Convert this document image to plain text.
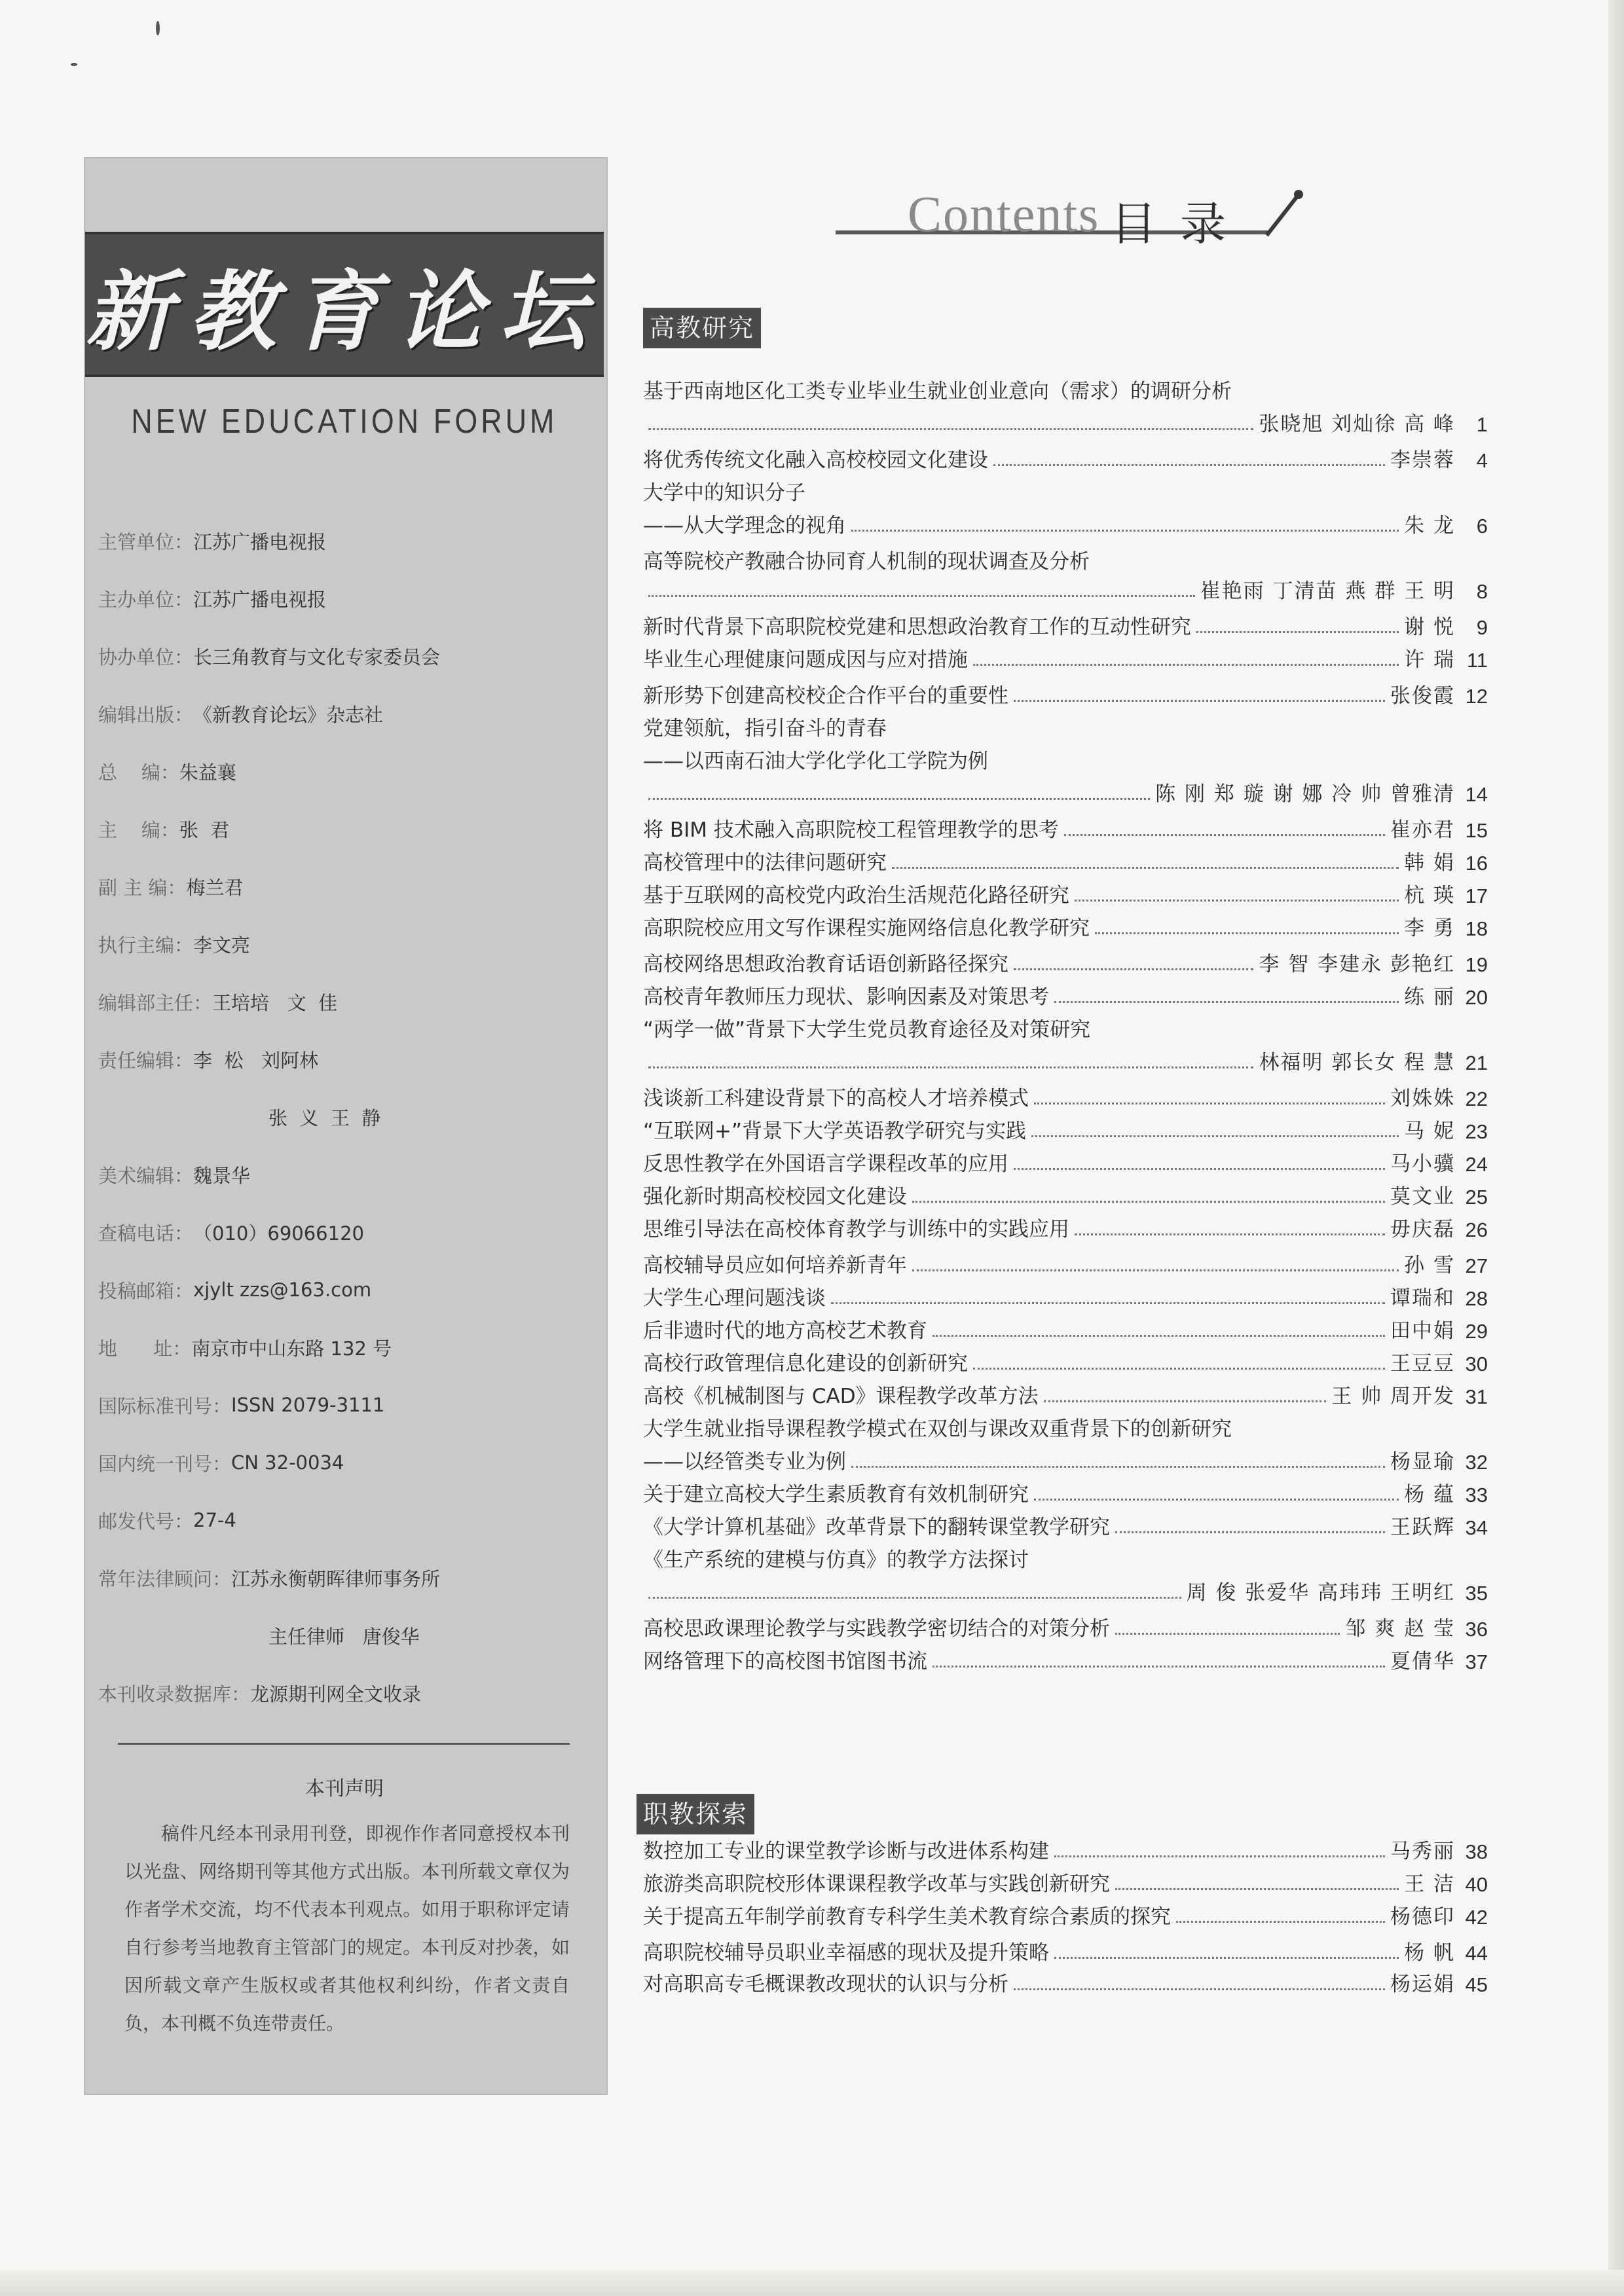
新教育论坛
NEW EDUCATION FORUM
主管单位： 江苏广播电视报
主办单位： 江苏广播电视报
协办单位： 长三角教育与文化专家委员会
编辑出版： 《新教育论坛》杂志社
总    编： 朱益襄
主    编： 张  君
副 主 编： 梅兰君
执行主编： 李文亮
编辑部主任： 王培培   文  佳
责任编辑： 李  松   刘阿林
张  义  王  静
美术编辑： 魏景华
查稿电话： （010）69066120
投稿邮箱： xjylt zzs@163.com
地      址： 南京市中山东路 132 号
国际标准刊号： ISSN 2079-3111
国内统一刊号： CN 32-0034
邮发代号： 27-4
常年法律顾问： 江苏永衡朝晖律师事务所
主任律师   唐俊华
本刊收录数据库： 龙源期刊网全文收录
本刊声明
稿件凡经本刊录用刊登，即视作作者同意授权本刊以光盘、网络期刊等其他方式出版。本刊所载文章仅为作者学术交流，均不代表本刊观点。如用于职称评定请自行参考当地教育主管部门的规定。本刊反对抄袭，如因所载文章产生版权或者其他权利纠纷，作者文责自负，本刊概不负连带责任。
Contents 目录
高教研究
职教探索
基于西南地区化工类专业毕业生就业创业意向（需求）的调研分析
张晓旭 刘灿徐 高 峰	1
将优秀传统文化融入高校校园文化建设	李崇蓉	4
大学中的知识分子
——从大学理念的视角	朱 龙	6
高等院校产教融合协同育人机制的现状调查及分析
崔艳雨 丁清苗 燕 群 王 明	8
新时代背景下高职院校党建和思想政治教育工作的互动性研究	谢 悦	9
毕业生心理健康问题成因与应对措施	许 瑞 11
新形势下创建高校校企合作平台的重要性	张俊霞 12
党建领航，指引奋斗的青春
——以西南石油大学化学化工学院为例
陈 刚 郑 璇 谢 娜 冷 帅 曾雅清 14
将 BIM 技术融入高职院校工程管理教学的思考	崔亦君 15
高校管理中的法律问题研究	韩 娟 16
基于互联网的高校党内政治生活规范化路径研究	杭 瑛 17
高职院校应用文写作课程实施网络信息化教学研究	李 勇 18
高校网络思想政治教育话语创新路径探究	李 智 李建永 彭艳红 19
高校青年教师压力现状、影响因素及对策思考	练 丽 20
“两学一做”背景下大学生党员教育途径及对策研究
林福明 郭长女 程 慧 21
浅谈新工科建设背景下的高校人才培养模式	刘姝姝 22
“互联网+”背景下大学英语教学研究与实践	马 妮 23
反思性教学在外国语言学课程改革的应用	马小骥 24
强化新时期高校校园文化建设	莫文业 25
思维引导法在高校体育教学与训练中的实践应用	毋庆磊 26
高校辅导员应如何培养新青年	孙 雪 27
大学生心理问题浅谈	谭瑞和 28
后非遗时代的地方高校艺术教育	田中娟 29
高校行政管理信息化建设的创新研究	王豆豆 30
高校《机械制图与 CAD》课程教学改革方法	王 帅 周开发 31
大学生就业指导课程教学模式在双创与课改双重背景下的创新研究
——以经管类专业为例	杨显瑜 32
关于建立高校大学生素质教育有效机制研究	杨 蕴 33
《大学计算机基础》改革背景下的翻转课堂教学研究	王跃辉 34
《生产系统的建模与仿真》的教学方法探讨
周 俊 张爱华 高玮玮 王明红 35
高校思政课理论教学与实践教学密切结合的对策分析	邹 爽 赵 莹 36
网络管理下的高校图书馆图书流	夏倩华 37
数控加工专业的课堂教学诊断与改进体系构建	马秀丽 38
旅游类高职院校形体课课程教学改革与实践创新研究	王 洁 40
关于提高五年制学前教育专科学生美术教育综合素质的探究	杨德印 42
高职院校辅导员职业幸福感的现状及提升策略	杨 帆 44
对高职高专毛概课教改现状的认识与分析	杨运娟 45
